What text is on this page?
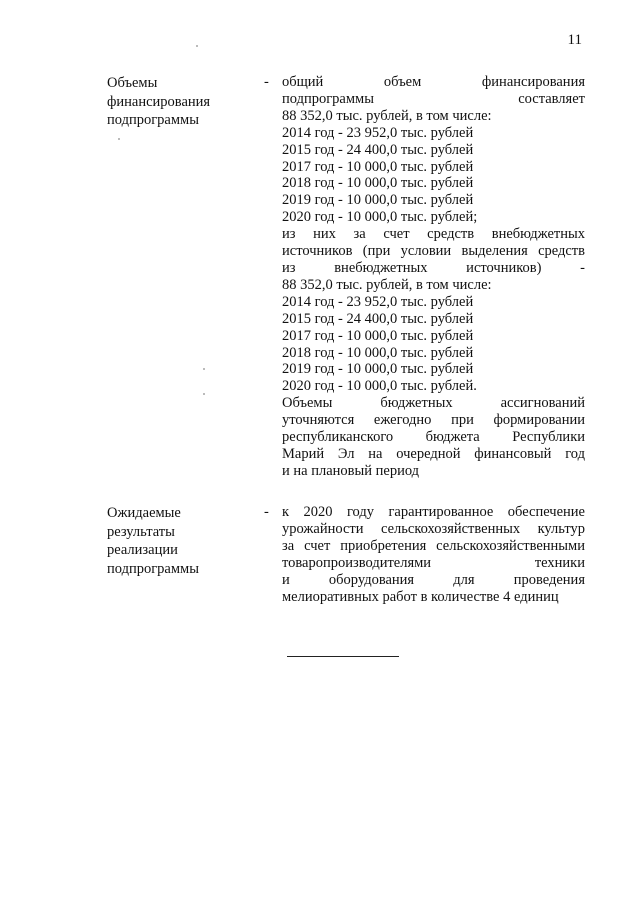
11
Объемы
финансирования
подпрограммы
- общий объем финансирования
подпрограммы составляет
88 352,0 тыс. рублей, в том числе:
2014 год - 23 952,0 тыс. рублей
2015 год - 24 400,0 тыс. рублей
2017 год - 10 000,0 тыс. рублей
2018 год - 10 000,0 тыс. рублей
2019 год - 10 000,0 тыс. рублей
2020 год - 10 000,0 тыс. рублей;
из них за счет средств внебюджетных
источников (при условии выделения средств
из внебюджетных источников) -
88 352,0 тыс. рублей, в том числе:
2014 год - 23 952,0 тыс. рублей
2015 год - 24 400,0 тыс. рублей
2017 год - 10 000,0 тыс. рублей
2018 год - 10 000,0 тыс. рублей
2019 год - 10 000,0 тыс. рублей
2020 год - 10 000,0 тыс. рублей.
Объемы бюджетных ассигнований
уточняются ежегодно при формировании
республиканского бюджета Республики
Марий Эл на очередной финансовый год
и на плановый период
Ожидаемые
результаты
реализации
подпрограммы
- к 2020 году гарантированное обеспечение
урожайности сельскохозяйственных культур
за счет приобретения сельскохозяйственными
товаропроизводителями техники
и оборудования для проведения
мелиоративных работ в количестве 4 единиц
